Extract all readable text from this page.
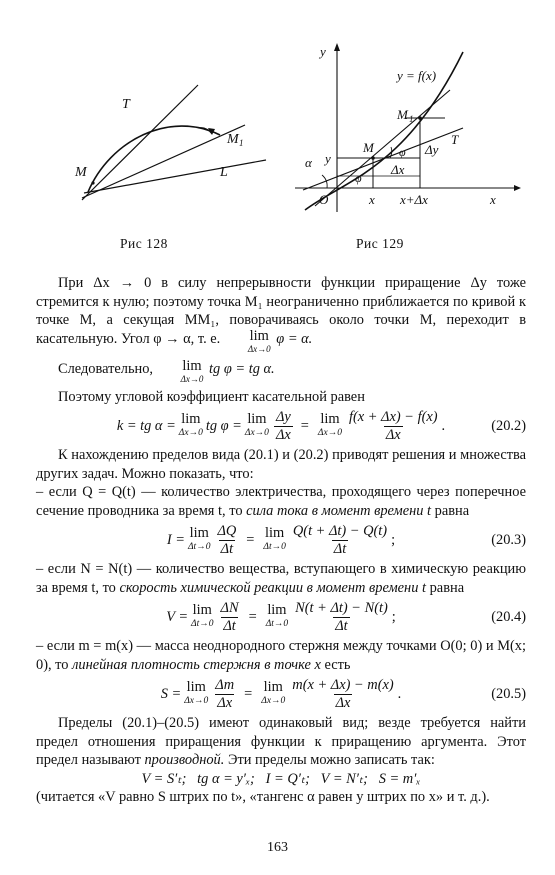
T
M
M 1
L
Рис 128
y
y = f(x)
M 1
T
M φ Δy
α y
φ
Δx
O	x x+Δx	x
Рис 129

При Δx → 0 в силу непрерывности функции приращение Δy тоже стремится к нулю; поэтому точка M₁ неограниченно приближается по кривой к точке M, а секущая MM₁, поворачиваясь около точки M, переходит в касательную. Угол φ → α, т. е.	lim
Δx→0
φ = α.

Следовательно,	lim
Δx→0
tg φ = tg α.

Поэтому угловой коэффициент касательной равен

k = tg α = lim
Δx→0 tg φ = lim
$\Delta x\to 0 \frac{\Delta y}{\Delta x} = \lim$
$\Delta x\to 0 \frac{f(x + \Delta x) - f(x)}{\Delta x}$ .	(20.2)

К нахождению пределов вида (20.1) и (20.2) приводят решения и множества других задач. Можно показать, что:

– если Q = Q(t) — количество электричества, проходящего через поперечное сечение проводника за время t, то сила тока в момент времени t равна

I = lim
$\Delta t\to 0 \frac{\Delta Q}{\Delta t} = \lim$
$\Delta t\to 0 \frac{Q(t + \Delta t) - Q(t)}{\Delta t}$ ;	(20.3)

– если N = N(t) — количество вещества, вступающего в химическую реакцию за время t, то скорость химической реакции в момент времени t равна

V = lim
$\Delta t\to 0 \frac{\Delta N}{\Delta t} = \lim$
$\Delta t\to 0 \frac{N(t + \Delta t) - N(t)}{\Delta t}$ ;	(20.4)

– если m = m(x) — масса неоднородного стержня между точками O(0; 0) и M(x; 0), то линейная плотность стержня в точке x есть

S = lim
$\Delta x\to 0 \frac{\Delta m}{\Delta x} = \lim$
$\Delta x\to 0 \frac{m(x + \Delta x) - m(x)}{\Delta x}$ .	(20.5)

Пределы (20.1)–(20.5) имеют одинаковый вид; везде требуется найти предел отношения приращения функции к приращению аргумента. Этот предел называют производной. Эти пределы можно записать так:

V = S′ₜ;   tg α = y′ₓ;   I = Q′ₜ;   V = N′ₜ;   S = m′ₓ

(читается «V равно S штрих по t», «тангенс α равен y штрих по x» и т. д.).

163
